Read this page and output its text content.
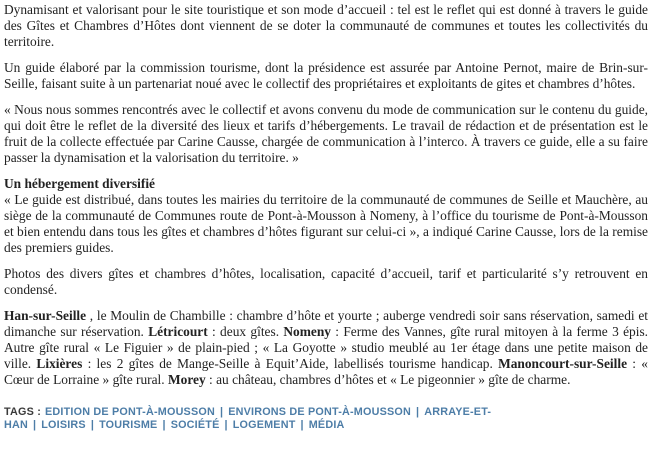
Dynamisant et valorisant pour le site touristique et son mode d’accueil : tel est le reflet qui est donné à travers le guide des Gîtes et Chambres d’Hôtes dont viennent de se doter la communauté de communes et toutes les collectivités du territoire.

Un guide élaboré par la commission tourisme, dont la présidence est assurée par Antoine Pernot, maire de Brin-sur-Seille, faisant suite à un partenariat noué avec le collectif des propriétaires et exploitants de gites et chambres d’hôtes.

« Nous nous sommes rencontrés avec le collectif et avons convenu du mode de communication sur le contenu du guide, qui doit être le reflet de la diversité des lieux et tarifs d’hébergements. Le travail de rédaction et de présentation est le fruit de la collecte effectuée par Carine Causse, chargée de communication à l’interco. À travers ce guide, elle a su faire passer la dynamisation et la valorisation du territoire. »

Un hébergement diversifié

« Le guide est distribué, dans toutes les mairies du territoire de la communauté de communes de Seille et Mauchère, au siège de la communauté de Communes route de Pont-à-Mousson à Nomeny, à l’office du tourisme de Pont-à-Mousson et bien entendu dans tous les gîtes et chambres d’hôtes figurant sur celui-ci », a indiqué Carine Causse, lors de la remise des premiers guides.

Photos des divers gîtes et chambres d’hôtes, localisation, capacité d’accueil, tarif et particularité s’y retrouvent en condensé.

Han-sur-Seille , le Moulin de Chambille : chambre d’hôte et yourte ; auberge vendredi soir sans réservation, samedi et dimanche sur réservation. Létricourt : deux gîtes. Nomeny : Ferme des Vannes, gîte rural mitoyen à la ferme 3 épis. Autre gîte rural « Le Figuier » de plain-pied ; « La Goyotte » studio meublé au 1er étage dans une petite maison de ville. Lixières : les 2 gîtes de Mange-Seille à Equit’Aide, labellisés tourisme handicap. Manoncourt-sur-Seille : « Cœur de Lorraine » gîte rural. Morey : au château, chambres d’hôtes et « Le pigeonnier » gîte de charme.

TAGS : EDITION DE PONT-À-MOUSSON | ENVIRONS DE PONT-À-MOUSSON | ARRAYE-ET-HAN | LOISIRS | TOURISME | SOCIÉTÉ | LOGEMENT | MÉDIA
